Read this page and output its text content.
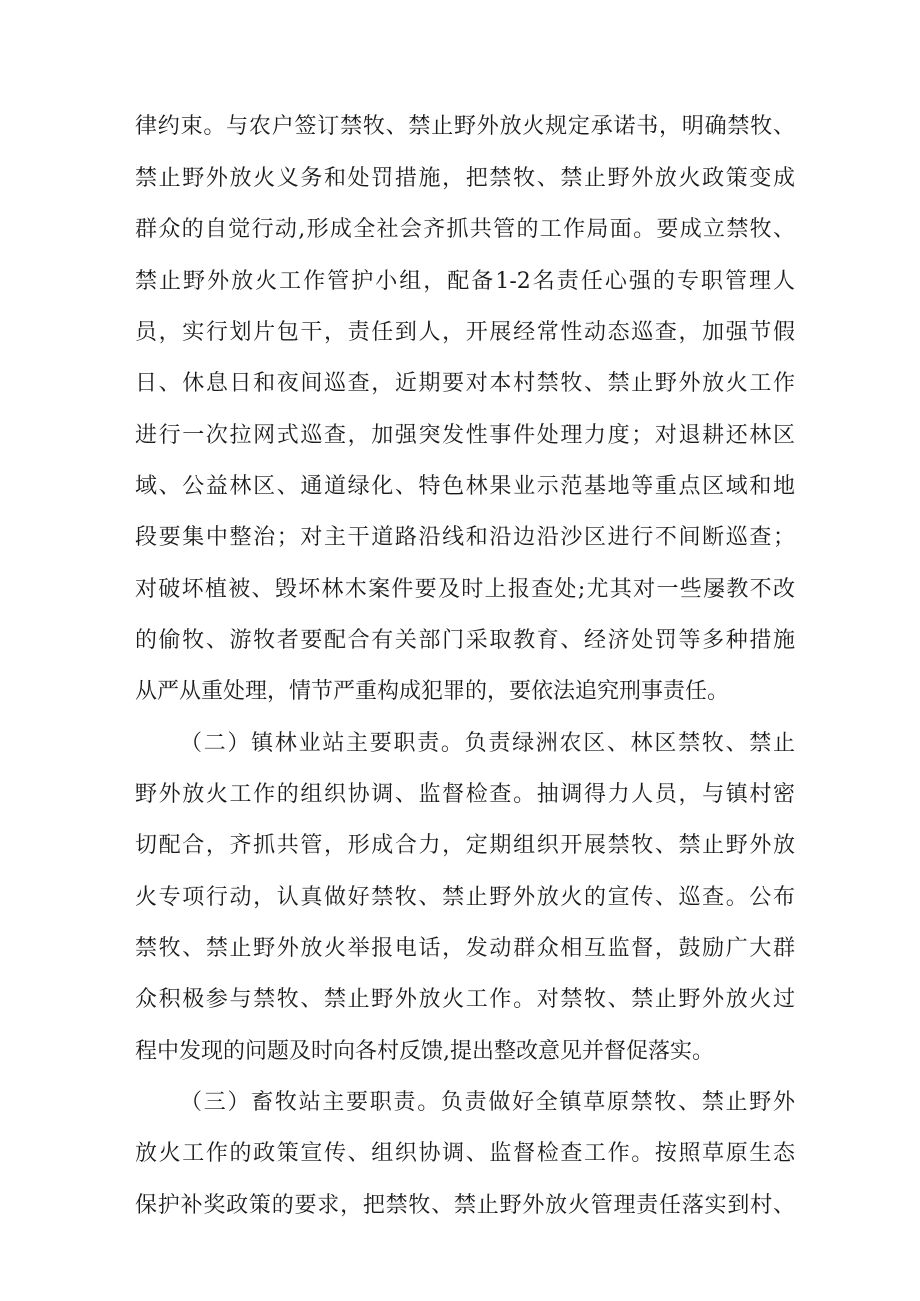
律约束。与农户签订禁牧、禁止野外放火规定承诺书，明确禁牧、
禁止野外放火义务和处罚措施，把禁牧、禁止野外放火政策变成
群众的自觉行动,形成全社会齐抓共管的工作局面。要成立禁牧、
禁止野外放火工作管护小组，配备1-2名责任心强的专职管理人
员，实行划片包干，责任到人，开展经常性动态巡查，加强节假
日、休息日和夜间巡查，近期要对本村禁牧、禁止野外放火工作
进行一次拉网式巡查，加强突发性事件处理力度；对退耕还林区
域、公益林区、通道绿化、特色林果业示范基地等重点区域和地
段要集中整治；对主干道路沿线和沿边沿沙区进行不间断巡查；
对破坏植被、毁坏林木案件要及时上报查处;尤其对一些屡教不改
的偷牧、游牧者要配合有关部门采取教育、经济处罚等多种措施
从严从重处理，情节严重构成犯罪的，要依法追究刑事责任。
（二）镇林业站主要职责。负责绿洲农区、林区禁牧、禁止
野外放火工作的组织协调、监督检查。抽调得力人员，与镇村密
切配合，齐抓共管，形成合力，定期组织开展禁牧、禁止野外放
火专项行动，认真做好禁牧、禁止野外放火的宣传、巡查。公布
禁牧、禁止野外放火举报电话，发动群众相互监督，鼓励广大群
众积极参与禁牧、禁止野外放火工作。对禁牧、禁止野外放火过
程中发现的问题及时向各村反馈,提出整改意见并督促落实。
（三）畜牧站主要职责。负责做好全镇草原禁牧、禁止野外
放火工作的政策宣传、组织协调、监督检查工作。按照草原生态
保护补奖政策的要求，把禁牧、禁止野外放火管理责任落实到村、
